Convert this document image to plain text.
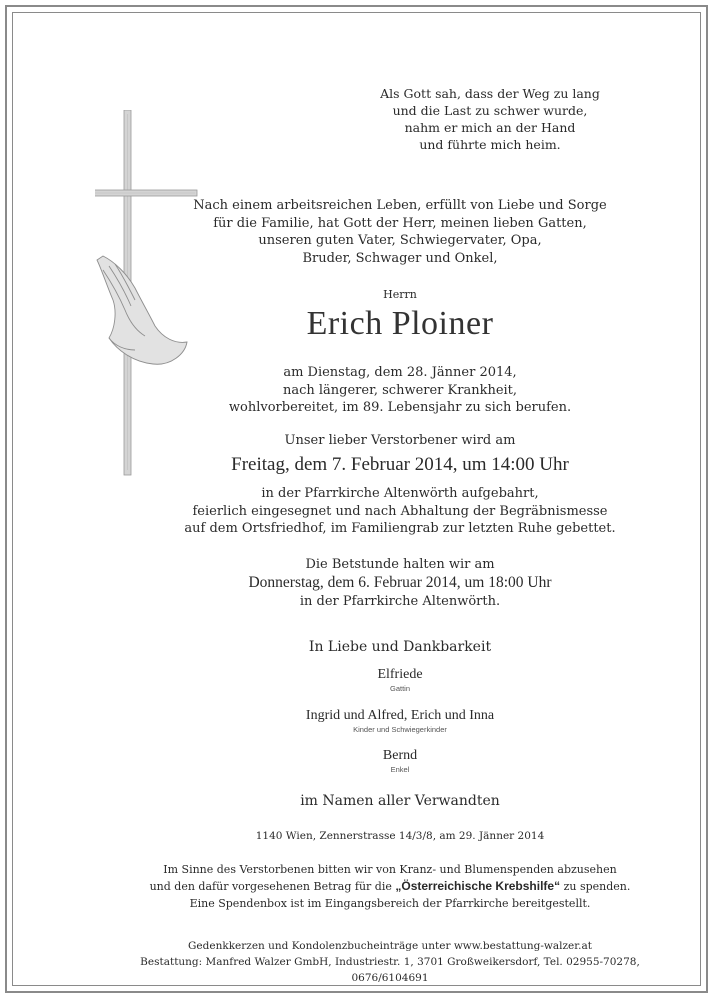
Als Gott sah, dass der Weg zu lang
und die Last zu schwer wurde,
nahm er mich an der Hand
und führte mich heim.
Nach einem arbeitsreichen Leben, erfüllt von Liebe und Sorge
für die Familie, hat Gott der Herr, meinen lieben Gatten,
unseren guten Vater, Schwiegervater, Opa,
Bruder, Schwager und Onkel,
Herrn
Erich Ploiner
am Dienstag, dem 28. Jänner 2014,
nach längerer, schwerer Krankheit,
wohlvorbereitet, im 89. Lebensjahr zu sich berufen.
Unser lieber Verstorbener wird am
Freitag, dem 7. Februar 2014, um 14:00 Uhr
in der Pfarrkirche Altenwörth aufgebahrt,
feierlich eingesegnet und nach Abhaltung der Begräbnismesse
auf dem Ortsfriedhof, im Familiengrab zur letzten Ruhe gebettet.
Die Betstunde halten wir am
Donnerstag, dem 6. Februar 2014, um 18:00 Uhr
in der Pfarrkirche Altenwörth.
In Liebe und Dankbarkeit
Elfriede
Gattin
Ingrid und Alfred, Erich und Inna
Kinder und Schwiegerkinder
Bernd
Enkel
im Namen aller Verwandten
1140 Wien, Zennerstrasse 14/3/8, am 29. Jänner 2014
Im Sinne des Verstorbenen bitten wir von Kranz- und Blumenspenden abzusehen
und den dafür vorgesehenen Betrag für die „Österreichische Krebshilfe“ zu spenden.
Eine Spendenbox ist im Eingangsbereich der Pfarrkirche bereitgestellt.
Gedenkkerzen und Kondolenzbucheinträge unter www.bestattung-walzer.at
Bestattung: Manfred Walzer GmbH, Industriestr. 1, 3701 Großweikersdorf, Tel. 02955-70278, 0676/6104691
